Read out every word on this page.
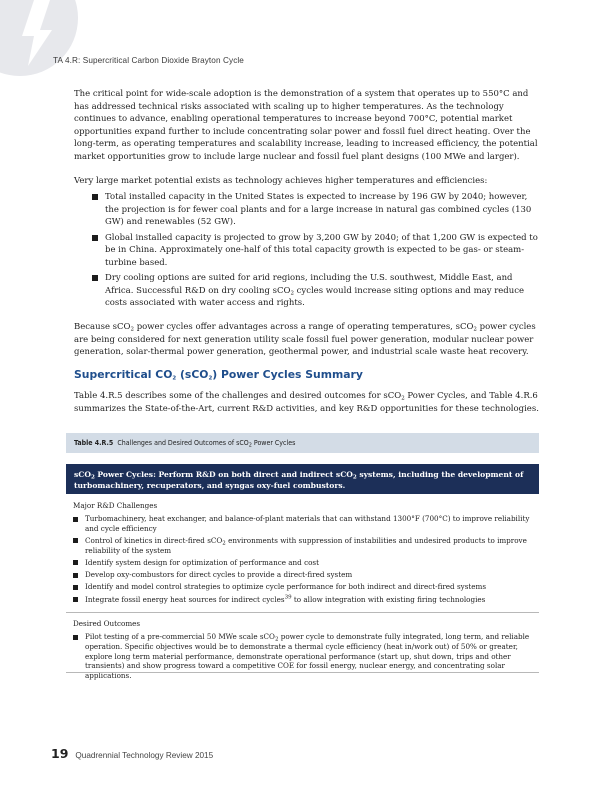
TA 4.R: Supercritical Carbon Dioxide Brayton Cycle

The critical point for wide-scale adoption is the demonstration of a system that operates up to 550°C and has addressed technical risks associated with scaling up to higher temperatures. As the technology continues to advance, enabling operational temperatures to increase beyond 700°C, potential market opportunities expand further to include concentrating solar power and fossil fuel direct heating. Over the long-term, as operating temperatures and scalability increase, leading to increased efficiency, the potential market opportunities grow to include large nuclear and fossil fuel plant designs (100 MWe and larger).

Very large market potential exists as technology achieves higher temperatures and efficiencies:

Total installed capacity in the United States is expected to increase by 196 GW by 2040; however, the projection is for fewer coal plants and for a large increase in natural gas combined cycles (130 GW) and renewables (52 GW).
Global installed capacity is projected to grow by 3,200 GW by 2040; of that 1,200 GW is expected to be in China. Approximately one-half of this total capacity growth is expected to be gas- or steam-turbine based.
Dry cooling options are suited for arid regions, including the U.S. southwest, Middle East, and Africa. Successful R&D on dry cooling sCO$_2$ cycles would increase siting options and may reduce costs associated with water access and rights.

Because sCO$_2$ power cycles offer advantages across a range of operating temperatures, sCO$_2$ power cycles are being considered for next generation utility scale fossil fuel power generation, modular nuclear power generation, solar-thermal power generation, geothermal power, and industrial scale waste heat recovery.

Supercritical $CO_2$ (sCO$_2$) Power Cycles Summary

Table 4.R.5 describes some of the challenges and desired outcomes for sCO$_2$ Power Cycles, and Table 4.R.6 summarizes the State-of-the-Art, current R&D activities, and key R&D opportunities for these technologies.

Table 4.R.5 Challenges and Desired Outcomes of sCO$_2$ Power Cycles
sCO$_2$ Power Cycles: Perform R&D on both direct and indirect sCO$_2$ systems, including the development of turbomachinery, recuperators, and syngas oxy-fuel combustors.

Major R&D Challenges

Turbomachinery, heat exchanger, and balance-of-plant materials that can withstand 1300°F (700°C) to improve reliability and cycle efficiency
Control of kinetics in direct-fired sCO$_2$ environments with suppression of instabilities and undesired products to improve reliability of the system
Identify system design for optimization of performance and cost
Develop oxy-combustors for direct cycles to provide a direct-fired system
Identify and model control strategies to optimize cycle performance for both indirect and direct-fired systems
Integrate fossil energy heat sources for indirect cycles$^{39}$ to allow integration with existing firing technologies

Desired Outcomes

Pilot testing of a pre-commercial 50 MWe scale sCO$_2$ power cycle to demonstrate fully integrated, long term, and reliable operation. Specific objectives would be to demonstrate a thermal cycle efficiency (heat in/work out) of 50% or greater, explore long term material performance, demonstrate operational performance (start up, shut down, trips and other transients) and show progress toward a competitive COE for fossil energy, nuclear energy, and concentrating solar applications.
19 Quadrennial Technology Review 2015
